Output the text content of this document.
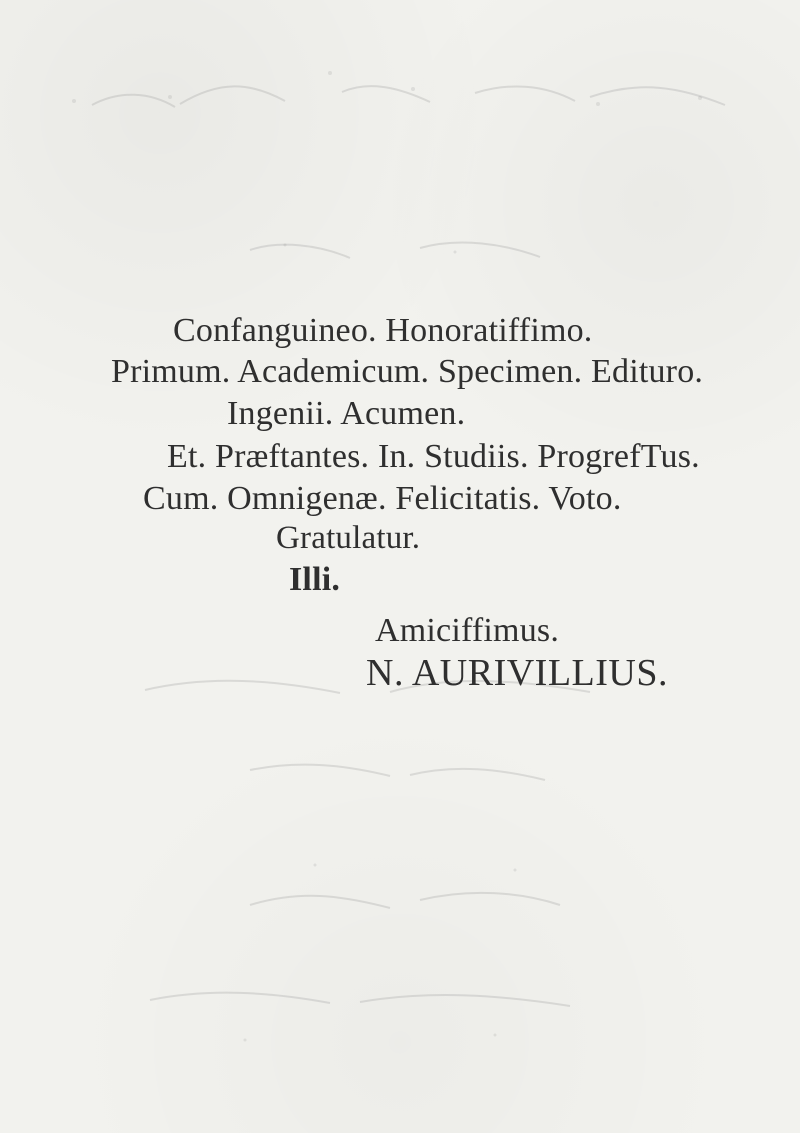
Confanguineo. Honoratiffimo.
Primum. Academicum. Specimen. Edituro.
Ingenii. Acumen.
Et. Præftantes. In. Studiis. ProgrefTus.
Cum. Omnigenæ. Felicitatis. Voto.
Gratulatur.
Illi.
Amiciffimus.
N. AURIVILLIUS.
